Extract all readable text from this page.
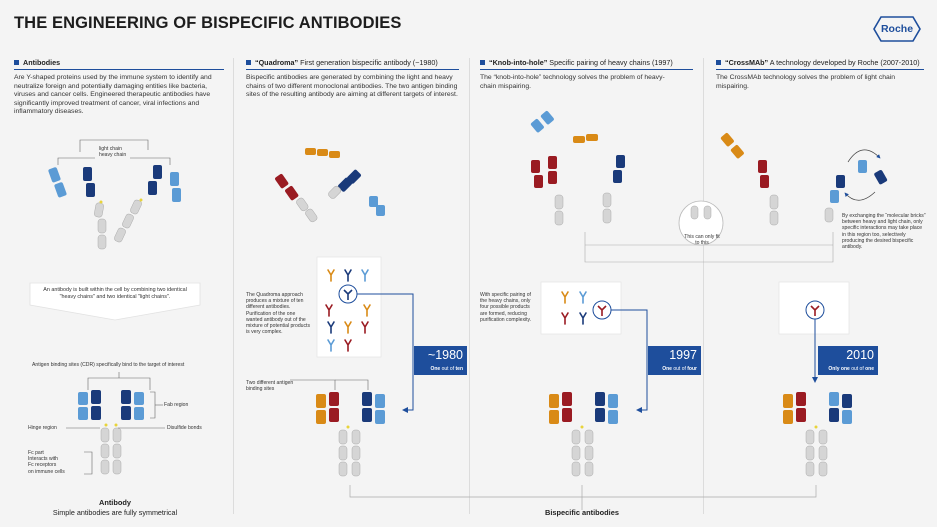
THE ENGINEERING OF BISPECIFIC ANTIBODIES	Roche
Antibodies	“Quadroma” First generation bispecific antibody (~1980)	“Knob-into-hole” Specific pairing of heavy chains (1997)	“CrossMAb” A technology developed by Roche (2007-2010)
Are Y-shaped proteins used by the immune system to identify and neutralize foreign and potentially damaging entities like bacteria, viruses and cancer cells. Engineered therapeutic antibodies have significantly improved treatment of cancer, viral infections and inflammatory diseases.
Bispecific antibodies are generated by combining the light and heavy chains of two different monoclonal antibodies. The two antigen binding sites of the resulting antibody are aiming at different targets of interest.
The “knob-into-hole” technology solves the problem of heavy-chain mispairing.
The CrossMAb technology solves the problem of light chain mispairing.
light chain
heavy chain
An antibody is built within the cell by combining two identical "heavy chains" and two identical "light chains".
Antigen binding sites (CDR) specifically bind to the target of interest
Fab region
Hinge region	Disulfide bonds
Fc part
Interacts with
Fc receptors
on immune cells
Antibody
Simple antibodies are fully symmetrical
The Quadroma approach produces a mixture of ten different antibodies. Purification of the one wanted antibody out of the mixture of potential products is very complex.
Two different antigen binding sites
~1980
One out of ten
This can only fit to this
With specific pairing of the heavy chains, only four possible products are formed, reducing purification complexity.
1997
One out of four
By exchanging the “molecular bricks” between heavy and light chain, only specific interactions may take place in this region too, selectively producing the desired bispecific antibody.
2010
Only one out of one
Bispecific antibodies
